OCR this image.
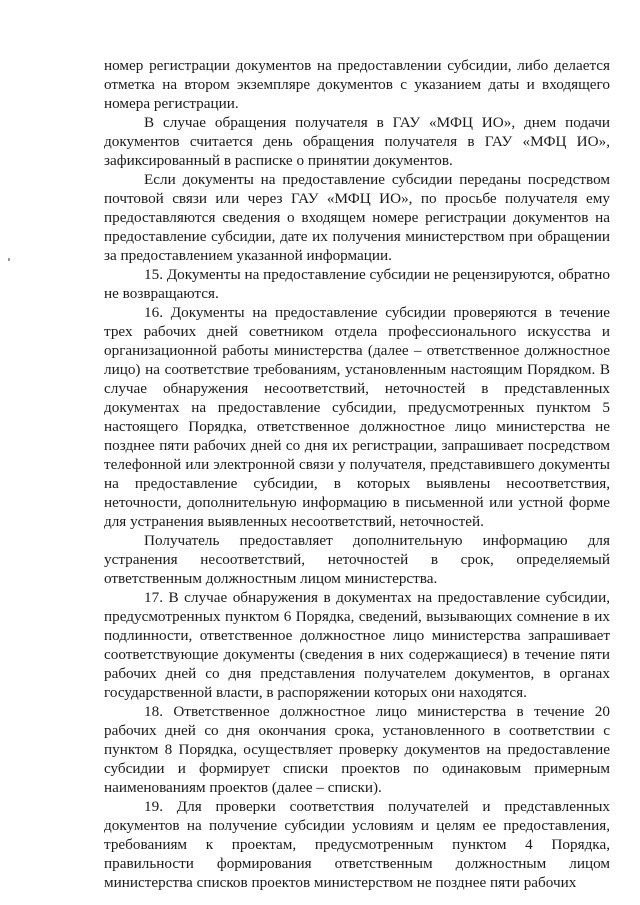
номер регистрации документов на предоставлении субсидии, либо делается отметка на втором экземпляре документов с указанием даты и входящего номера регистрации.

В случае обращения получателя в ГАУ «МФЦ ИО», днем подачи документов считается день обращения получателя в ГАУ «МФЦ ИО», зафиксированный в расписке о принятии документов.

Если документы на предоставление субсидии переданы посредством почтовой связи или через ГАУ «МФЦ ИО», по просьбе получателя ему предоставляются сведения о входящем номере регистрации документов на предоставление субсидии, дате их получения министерством при обращении за предоставлением указанной информации.

15. Документы на предоставление субсидии не рецензируются, обратно не возвращаются.

16. Документы на предоставление субсидии проверяются в течение трех рабочих дней советником отдела профессионального искусства и организационной работы министерства (далее – ответственное должностное лицо) на соответствие требованиям, установленным настоящим Порядком. В случае обнаружения несоответствий, неточностей в представленных документах на предоставление субсидии, предусмотренных пунктом 5 настоящего Порядка, ответственное должностное лицо министерства не позднее пяти рабочих дней со дня их регистрации, запрашивает посредством телефонной или электронной связи у получателя, представившего документы на предоставление субсидии, в которых выявлены несоответствия, неточности, дополнительную информацию в письменной или устной форме для устранения выявленных несоответствий, неточностей.

Получатель предоставляет дополнительную информацию для устранения несоответствий, неточностей в срок, определяемый ответственным должностным лицом министерства.

17. В случае обнаружения в документах на предоставление субсидии, предусмотренных пунктом 6 Порядка, сведений, вызывающих сомнение в их подлинности, ответственное должностное лицо министерства запрашивает соответствующие документы (сведения в них содержащиеся) в течение пяти рабочих дней со дня представления получателем документов, в органах государственной власти, в распоряжении которых они находятся.

18. Ответственное должностное лицо министерства в течение 20 рабочих дней со дня окончания срока, установленного в соответствии с пунктом 8 Порядка, осуществляет проверку документов на предоставление субсидии и формирует списки проектов по одинаковым примерным наименованиям проектов (далее – списки).

19. Для проверки соответствия получателей и представленных документов на получение субсидии условиям и целям ее предоставления, требованиям к проектам, предусмотренным пунктом 4 Порядка, правильности формирования ответственным должностным лицом министерства списков проектов министерством не позднее пяти рабочих
